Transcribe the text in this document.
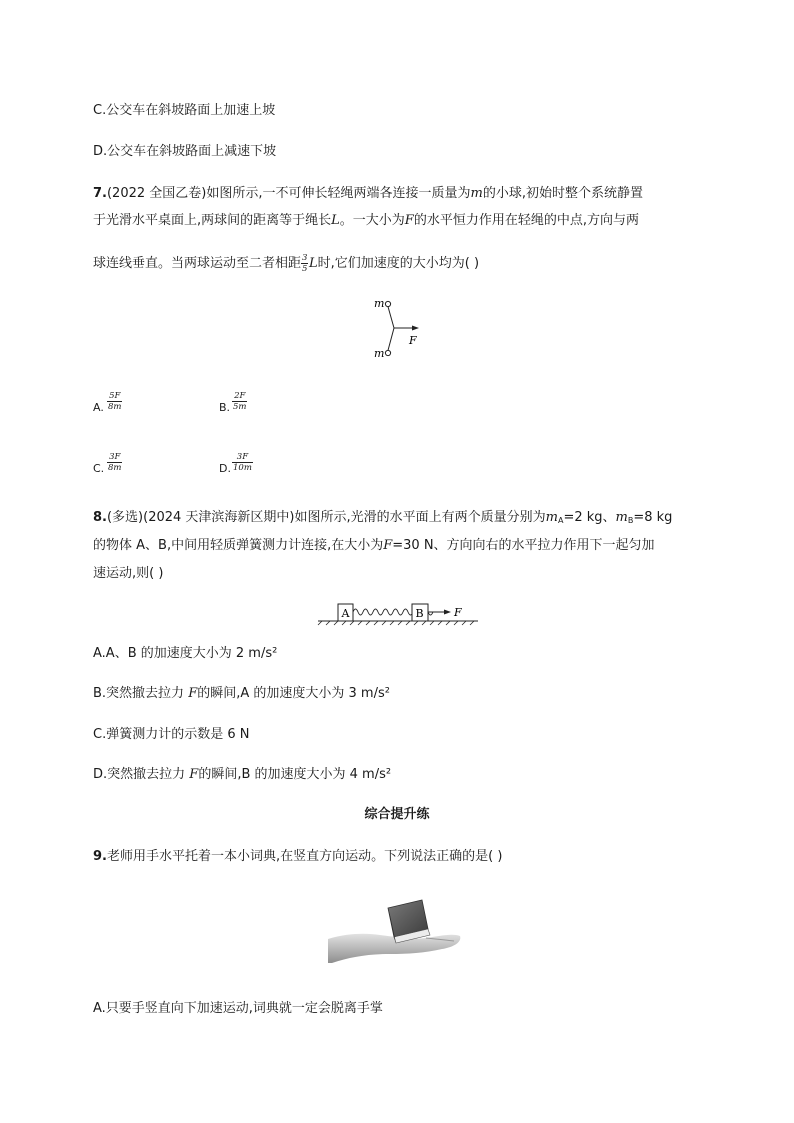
C.公交车在斜坡路面上加速上坡
D.公交车在斜坡路面上减速下坡
7.(2022 全国乙卷)如图所示,一不可伸长轻绳两端各连接一质量为m的小球,初始时整个系统静置
于光滑水平桌面上,两球间的距离等于绳长L。一大小为F的水平恒力作用在轻绳的中点,方向与两
球连线垂直。当两球运动至二者相距 $\frac{3}{5}$ L时,它们加速度的大小均为( )
m
m
F
A. $\frac{5F}{8m}$	B. $\frac{2F}{5m}$
C. $\frac{3F}{8m}$	D. $\frac{3F}{10m}$
8.(多选)(2024 天津滨海新区期中)如图所示,光滑的水平面上有两个质量分别为$m_A=2$ kg、$m_B=8$ kg
的物体 A、B,中间用轻质弹簧测力计连接,在大小为F=30 N、方向向右的水平拉力作用下一起匀加
速运动,则( )
A	B	F
A.A、B 的加速度大小为 2 m/s²
B.突然撤去拉力 F的瞬间,A 的加速度大小为 3 m/s²
C.弹簧测力计的示数是 6 N
D.突然撤去拉力 F的瞬间,B 的加速度大小为 4 m/s²
综合提升练
9.老师用手水平托着一本小词典,在竖直方向运动。下列说法正确的是( )
A.只要手竖直向下加速运动,词典就一定会脱离手掌
